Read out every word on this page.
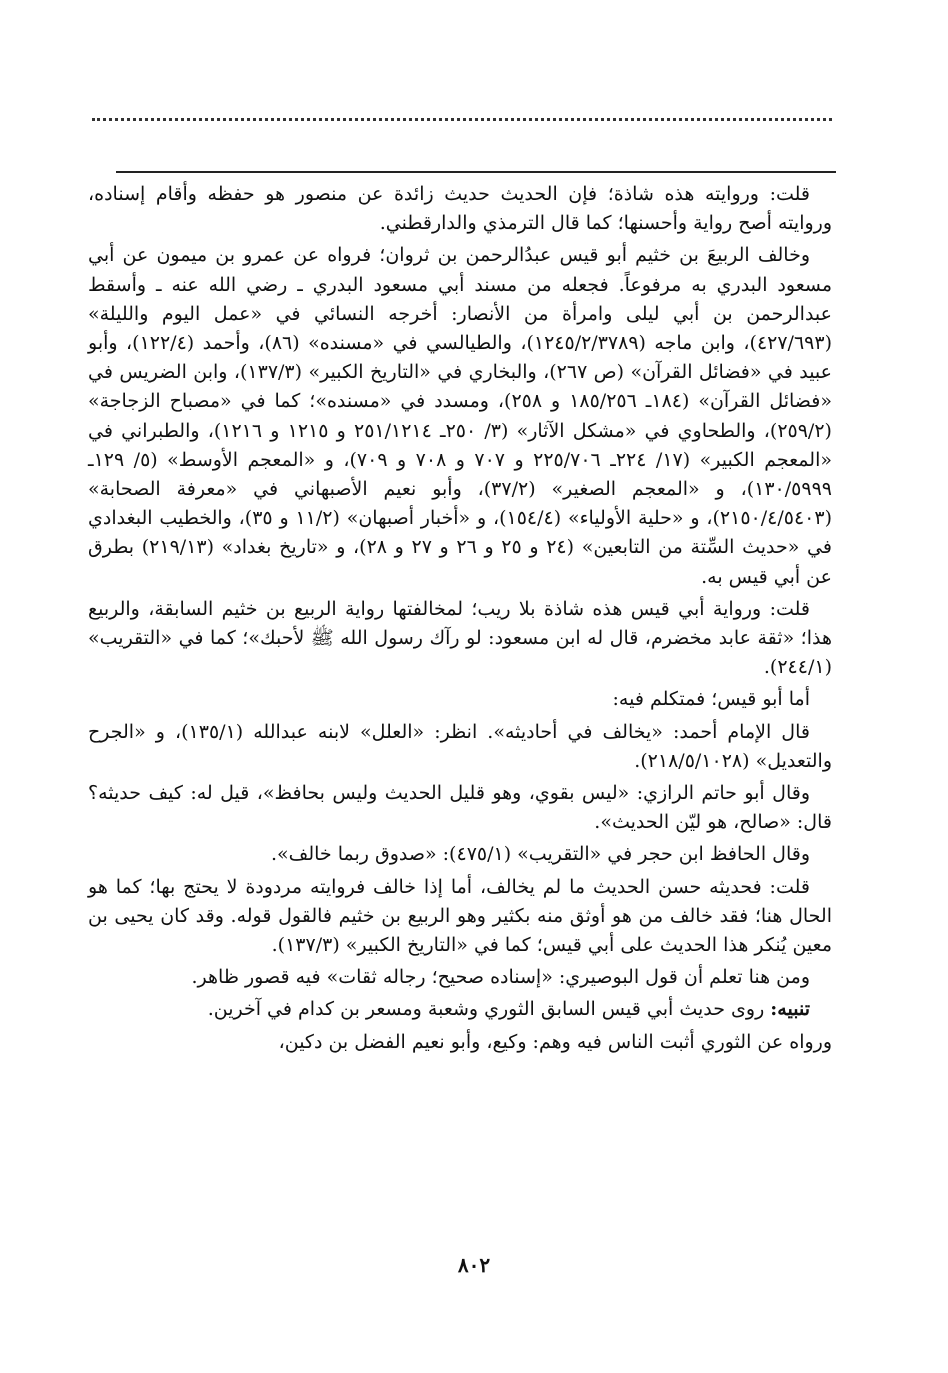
قلت: وروايته هذه شاذة؛ فإن الحديث حديث زائدة عن منصور هو حفظه وأقام إسناده، وروايته أصح رواية وأحسنها؛ كما قال الترمذي والدارقطني.

وخالف الربيعَ بن خثيم أبو قيس عبدُالرحمن بن ثروان؛ فرواه عن عمرو بن ميمون عن أبي مسعود البدري به مرفوعاً. فجعله من مسند أبي مسعود البدري ـ رضي الله عنه ـ وأسقط عبدالرحمن بن أبي ليلى وامرأة من الأنصار: أخرجه النسائي في «عمل اليوم والليلة» (٤٢٧/٦٩٣)، وابن ماجه (١٢٤٥/٢/٣٧٨٩)، والطيالسي في «مسنده» (٨٦)، وأحمد (١٢٢/٤)، وأبو عبيد في «فضائل القرآن» (ص ٢٦٧)، والبخاري في «التاريخ الكبير» (١٣٧/٣)، وابن الضريس في «فضائل القرآن» (١٨٤ـ ١٨٥/٢٥٦ و ٢٥٨)، ومسدد في «مسنده»؛ كما في «مصباح الزجاجة» (٢٥٩/٢)، والطحاوي في «مشكل الآثار» (٣/ ٢٥٠ـ ٢٥١/١٢١٤ و ١٢١٥ و ١٢١٦)، والطبراني في «المعجم الكبير» (١٧/ ٢٢٤ـ ٢٢٥/٧٠٦ و ٧٠٧ و ٧٠٨ و ٧٠٩)، و «المعجم الأوسط» (٥/ ١٢٩ـ ١٣٠/٥٩٩٩)، و «المعجم الصغير» (٣٧/٢)، وأبو نعيم الأصبهاني في «معرفة الصحابة» (٢١٥٠/٤/٥٤٠٣)، و «حلية الأولياء» (١٥٤/٤)، و «أخبار أصبهان» (١١/٢ و ٣٥)، والخطيب البغدادي في «حديث السِّتة من التابعين» (٢٤ و ٢٥ و ٢٦ و ٢٧ و ٢٨)، و «تاريخ بغداد» (٢١٩/١٣) بطرق عن أبي قيس به.

قلت: ورواية أبي قيس هذه شاذة بلا ريب؛ لمخالفتها رواية الربيع بن خثيم السابقة، والربيع هذا؛ «ثقة عابد مخضرم، قال له ابن مسعود: لو رآك رسول الله ﷺ لأحبك»؛ كما في «التقريب» (٢٤٤/١).

أما أبو قيس؛ فمتكلم فيه:

قال الإمام أحمد: «يخالف في أحاديثه». انظر: «العلل» لابنه عبدالله (١٣٥/١)، و «الجرح والتعديل» (٢١٨/٥/١٠٢٨).

وقال أبو حاتم الرازي: «ليس بقوي، وهو قليل الحديث وليس بحافظ»، قيل له: كيف حديثه؟ قال: «صالح، هو ليّن الحديث».

وقال الحافظ ابن حجر في «التقريب» (٤٧٥/١): «صدوق ربما خالف».

قلت: فحديثه حسن الحديث ما لم يخالف، أما إذا خالف فروايته مردودة لا يحتج بها؛ كما هو الحال هنا؛ فقد خالف من هو أوثق منه بكثير وهو الربيع بن خثيم فالقول قوله. وقد كان يحيى بن معين يُنكر هذا الحديث على أبي قيس؛ كما في «التاريخ الكبير» (١٣٧/٣).

ومن هنا تعلم أن قول البوصيري: «إسناده صحيح؛ رجاله ثقات» فيه قصور ظاهر.

تنبيه: روى حديث أبي قيس السابق الثوري وشعبة ومسعر بن كدام في آخرين.

ورواه عن الثوري أثبت الناس فيه وهم: وكيع، وأبو نعيم الفضل بن دكين،

٨٠٢
